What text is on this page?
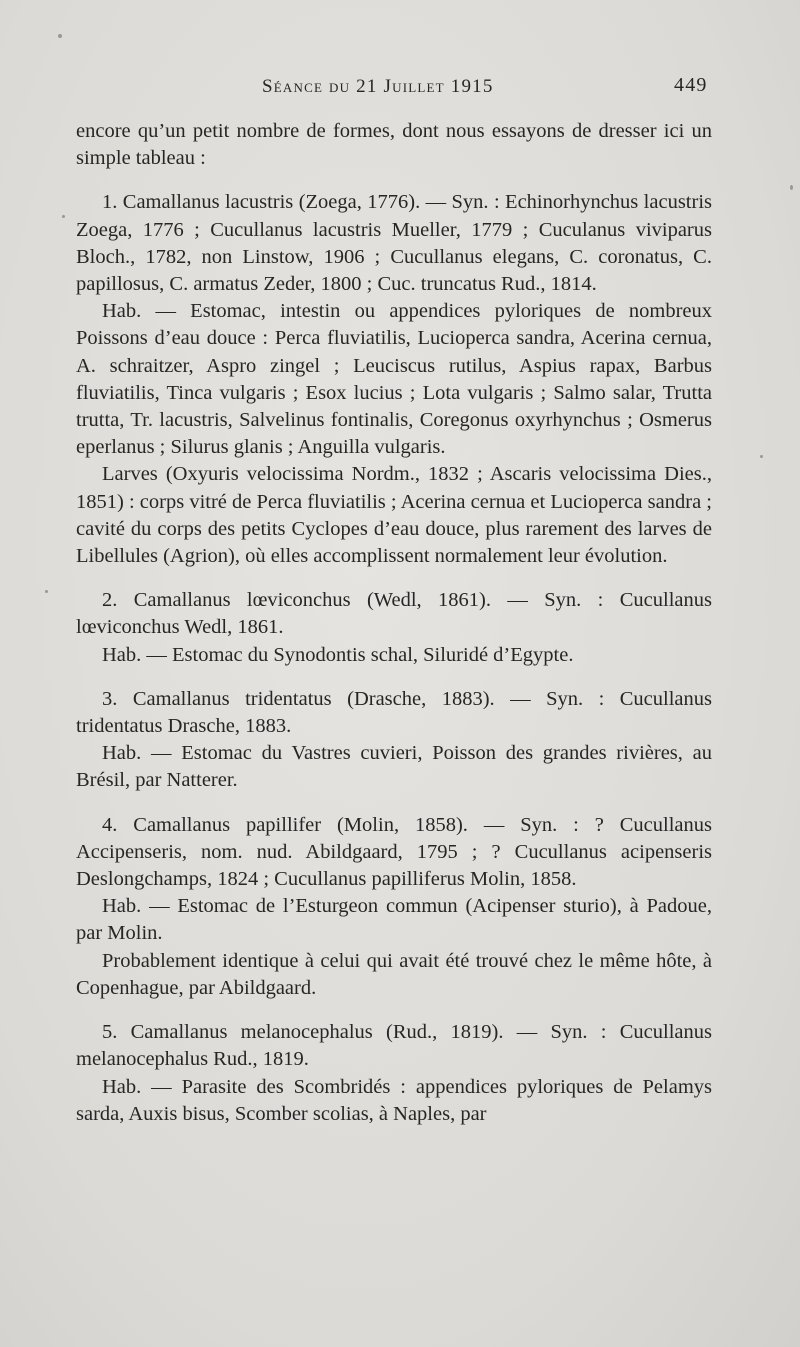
Séance du 21 Juillet 1915	449

encore qu’un petit nombre de formes, dont nous essayons de dresser ici un simple tableau :

1. Camallanus lacustris (Zoega, 1776). — Syn. : Echinorhynchus lacustris Zoega, 1776 ; Cucullanus lacustris Mueller, 1779 ; Cuculanus viviparus Bloch., 1782, non Linstow, 1906 ; Cucullanus elegans, C. coronatus, C. papillosus, C. armatus Zeder, 1800 ; Cuc. truncatus Rud., 1814.

Hab. — Estomac, intestin ou appendices pyloriques de nombreux Poissons d’eau douce : Perca fluviatilis, Lucioperca sandra, Acerina cernua, A. schraitzer, Aspro zingel ; Leuciscus rutilus, Aspius rapax, Barbus fluviatilis, Tinca vulgaris ; Esox lucius ; Lota vulgaris ; Salmo salar, Trutta trutta, Tr. lacustris, Salvelinus fontinalis, Coregonus oxyrhynchus ; Osmerus eperlanus ; Silurus glanis ; Anguilla vulgaris.

Larves (Oxyuris velocissima Nordm., 1832 ; Ascaris velocissima Dies., 1851) : corps vitré de Perca fluviatilis ; Acerina cernua et Lucioperca sandra ; cavité du corps des petits Cyclopes d’eau douce, plus rarement des larves de Libellules (Agrion), où elles accomplissent normalement leur évolution.

2. Camallanus lœviconchus (Wedl, 1861). — Syn. : Cucullanus lœviconchus Wedl, 1861.

Hab. — Estomac du Synodontis schal, Siluridé d’Egypte.

3. Camallanus tridentatus (Drasche, 1883). — Syn. : Cucullanus tridentatus Drasche, 1883.

Hab. — Estomac du Vastres cuvieri, Poisson des grandes rivières, au Brésil, par Natterer.

4. Camallanus papillifer (Molin, 1858). — Syn. : ? Cucullanus Accipenseris, nom. nud. Abildgaard, 1795 ; ? Cucullanus acipenseris Deslongchamps, 1824 ; Cucullanus papilliferus Molin, 1858.

Hab. — Estomac de l’Esturgeon commun (Acipenser sturio), à Padoue, par Molin.

Probablement identique à celui qui avait été trouvé chez le même hôte, à Copenhague, par Abildgaard.

5. Camallanus melanocephalus (Rud., 1819). — Syn. : Cucullanus melanocephalus Rud., 1819.

Hab. — Parasite des Scombridés : appendices pyloriques de Pelamys sarda, Auxis bisus, Scomber scolias, à Naples, par
